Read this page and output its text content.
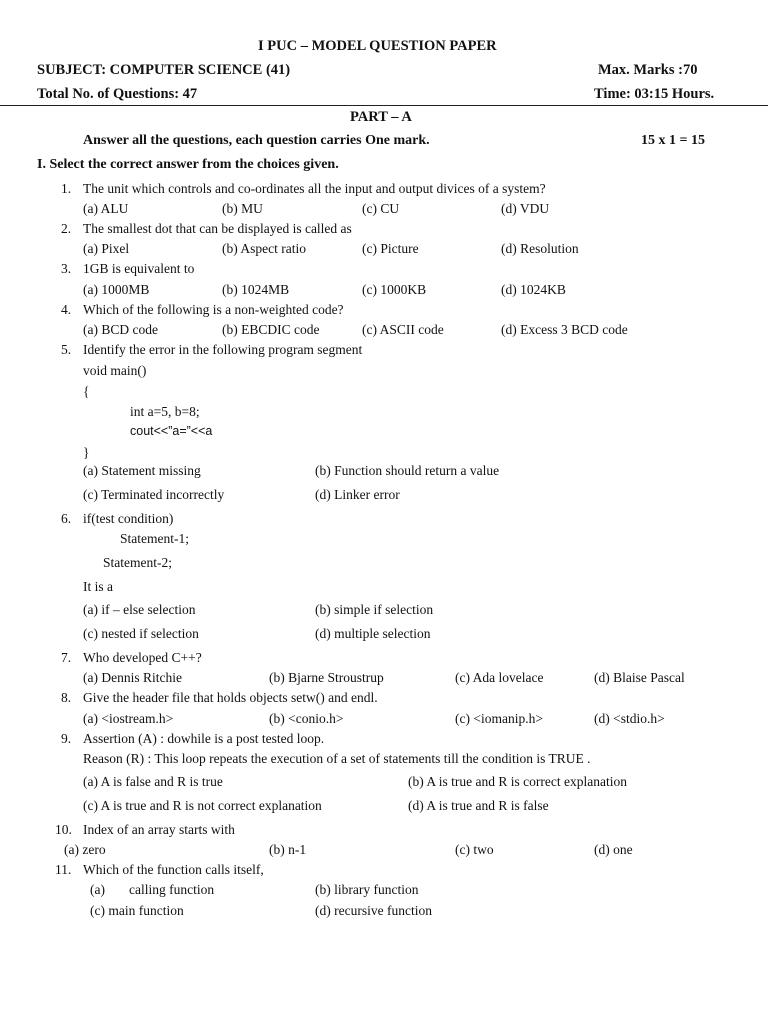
I PUC – MODEL QUESTION PAPER
SUBJECT: COMPUTER SCIENCE (41)	Max. Marks :70
Total No. of Questions: 47	Time: 03:15 Hours.
PART – A
Answer all the questions, each question carries One mark.	15 x 1 = 15
I. Select the correct answer from the choices given.
1. The unit which controls and co-ordinates all the input and output divices of a system?
(a) ALU	(b) MU	(c) CU	(d) VDU
2. The smallest dot that can be displayed is called as
(a) Pixel	(b) Aspect ratio	(c) Picture	(d) Resolution
3. 1GB is equivalent to
(a) 1000MB	(b) 1024MB	(c) 1000KB	(d) 1024KB
4. Which of the following is a non-weighted code?
(a) BCD code	(b) EBCDIC code	(c) ASCII code	(d) Excess 3 BCD code
5. Identify the error in the following program segment
void main()
{
int a=5, b=8;
cout<<”a=”<<a
}
(a) Statement missing	(b) Function should return a value
(c) Terminated incorrectly	(d) Linker error
6. if(test condition)
Statement-1;
Statement-2;
It is a
(a) if – else selection	(b) simple if selection
(c) nested if selection	(d) multiple selection
7. Who developed C++?
(a) Dennis Ritchie	(b) Bjarne Stroustrup	(c) Ada lovelace	(d) Blaise Pascal
8. Give the header file that holds objects setw() and endl.
(a) <iostream.h>	(b) <conio.h>	(c) <iomanip.h>	(d) <stdio.h>
9. Assertion (A) : dowhile is a post tested loop.
Reason (R) : This loop repeats the execution of a set of statements till the condition is TRUE .
(a) A is false and R is true	(b) A is true and R is correct explanation
(c) A is true and R is not correct explanation	(d) A is true and R is false
10. Index of an array starts with
(a) zero	(b) n-1	(c) two	(d) one
11. Which of the function calls itself,
(a) calling function	(b) library function
(c) main function	(d) recursive function
